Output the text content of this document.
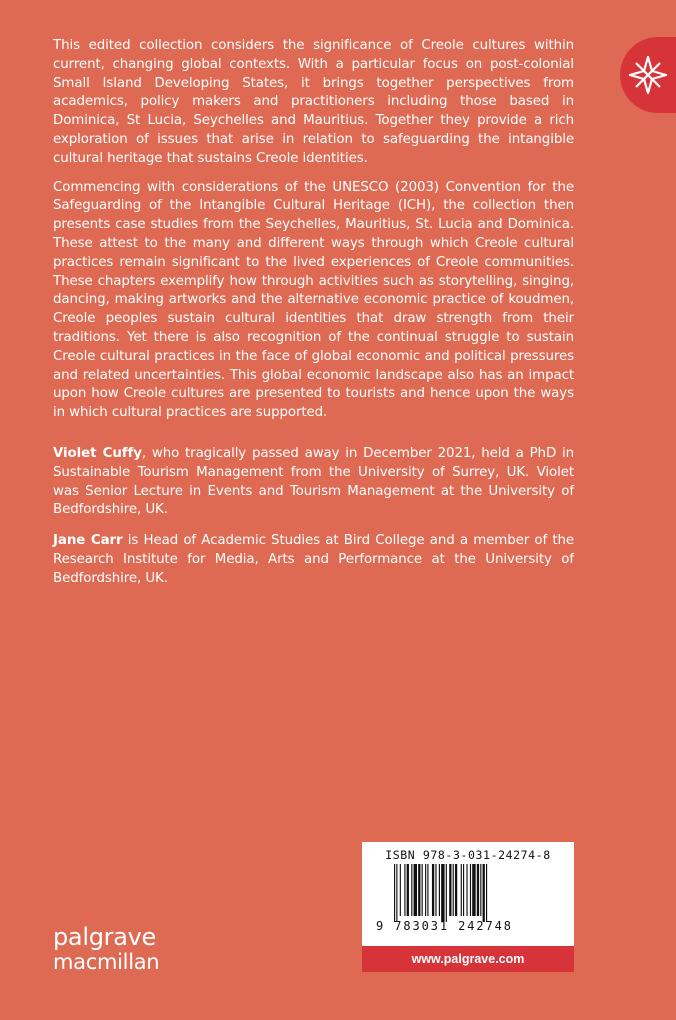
This edited collection considers the significance of Creole cultures within current, changing global contexts. With a particular focus on post-colonial Small Island Developing States, it brings together perspectives from academics, policy makers and practitioners including those based in Dominica, St Lucia, Seychelles and Mauritius. Together they provide a rich exploration of issues that arise in relation to safeguarding the intangible cultural heritage that sustains Creole identities.

Commencing with considerations of the UNESCO (2003) Convention for the Safeguarding of the Intangible Cultural Heritage (ICH), the collection then presents case studies from the Seychelles, Mauritius, St. Lucia and Dominica. These attest to the many and different ways through which Creole cultural practices remain significant to the lived experiences of Creole communities. These chapters exemplify how through activities such as storytelling, singing, dancing, making artworks and the alternative economic practice of koudmen, Creole peoples sustain cultural identities that draw strength from their traditions. Yet there is also recognition of the continual struggle to sustain Creole cultural practices in the face of global economic and political pressures and related uncertainties. This global economic landscape also has an impact upon how Creole cultures are presented to tourists and hence upon the ways in which cultural practices are supported.

Violet Cuffy, who tragically passed away in December 2021, held a PhD in Sustainable Tourism Management from the University of Surrey, UK. Violet was Senior Lecture in Events and Tourism Management at the University of Bedfordshire, UK.

Jane Carr is Head of Academic Studies at Bird College and a member of the Research Institute for Media, Arts and Performance at the University of Bedfordshire, UK.

ISBN 978-3-031-24274-8
9 783031 242748
www.palgrave.com
palgrave
macmillan
